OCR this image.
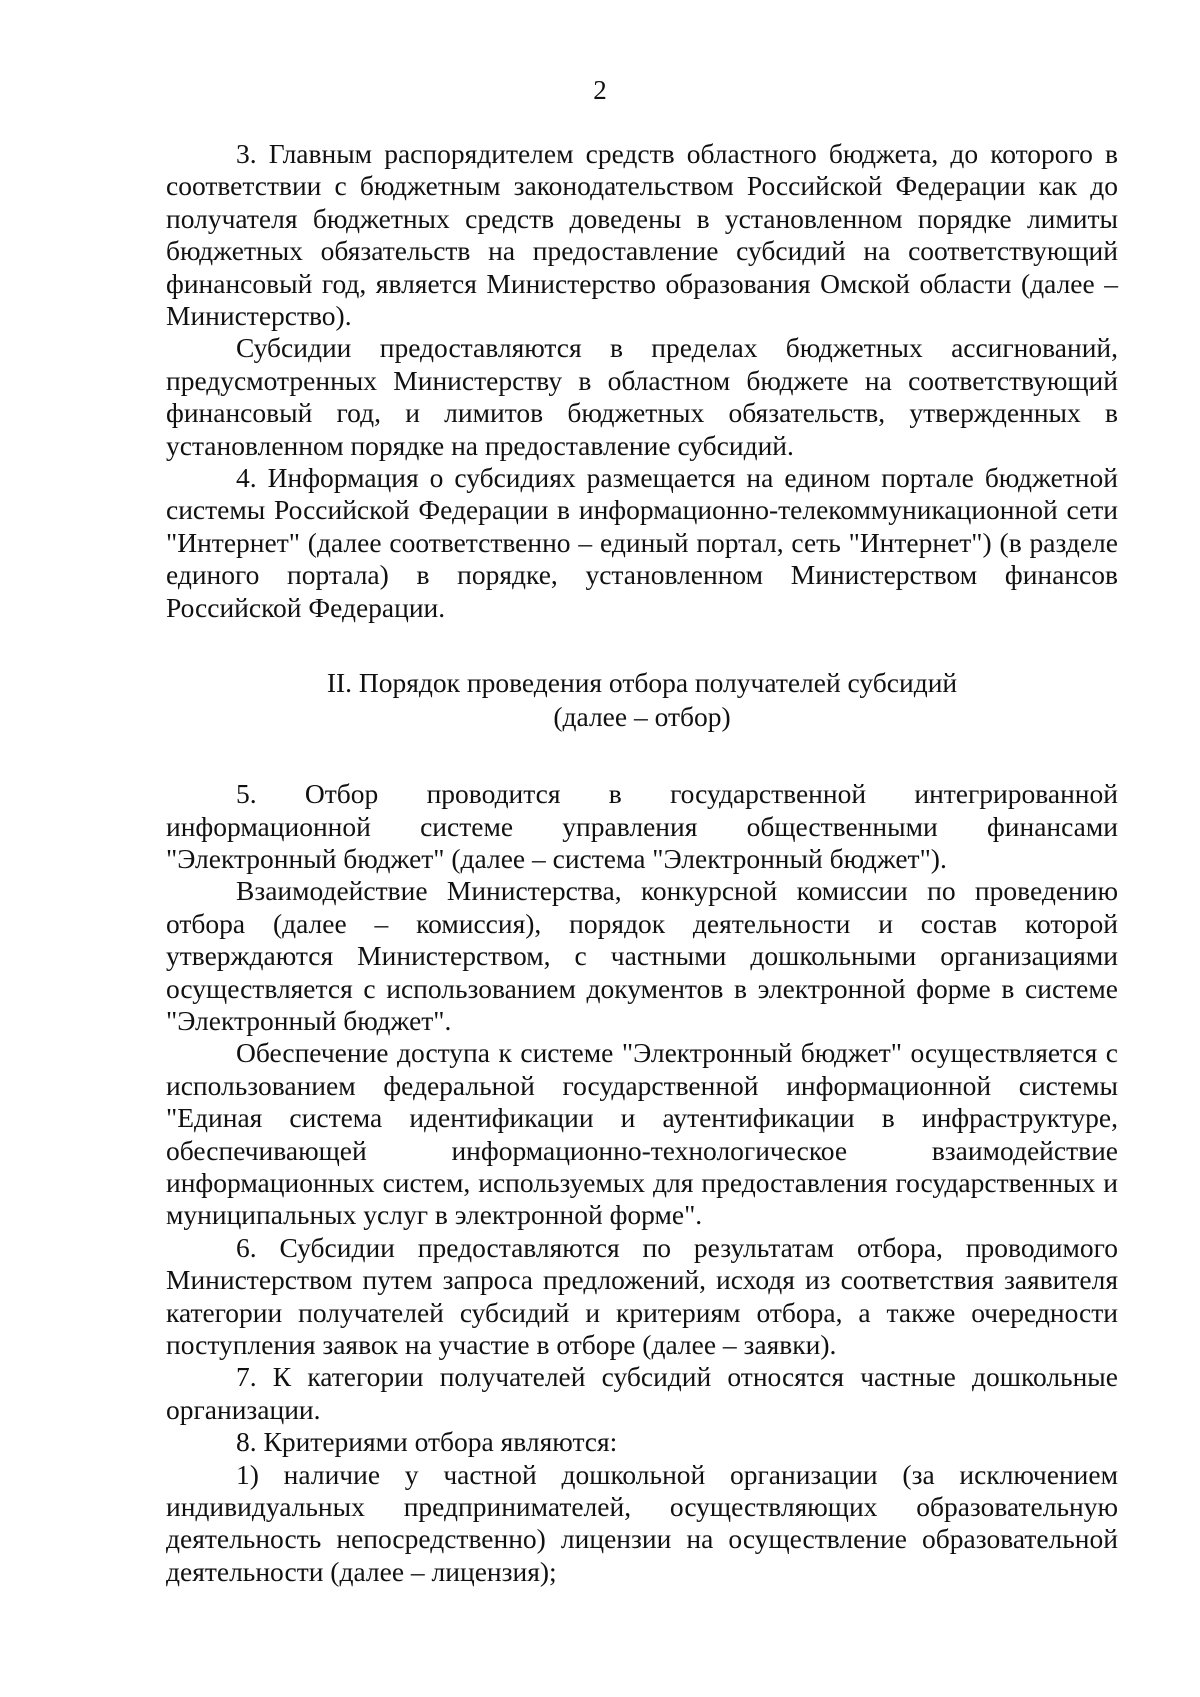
2

3. Главным распорядителем средств областного бюджета, до которого в соответствии с бюджетным законодательством Российской Федерации как до получателя бюджетных средств доведены в установленном порядке лимиты бюджетных обязательств на предоставление субсидий на соответствующий финансовый год, является Министерство образования Омской области (далее – Министерство).

Субсидии предоставляются в пределах бюджетных ассигнований, предусмотренных Министерству в областном бюджете на соответствующий финансовый год, и лимитов бюджетных обязательств, утвержденных в установленном порядке на предоставление субсидий.

4. Информация о субсидиях размещается на едином портале бюджетной системы Российской Федерации в информационно-телекоммуникационной сети "Интернет" (далее соответственно – единый портал, сеть "Интернет") (в разделе единого портала) в порядке, установленном Министерством финансов Российской Федерации.

II. Порядок проведения отбора получателей субсидий
(далее – отбор)

5. Отбор проводится в государственной интегрированной информационной системе управления общественными финансами "Электронный бюджет" (далее – система "Электронный бюджет").

Взаимодействие Министерства, конкурсной комиссии по проведению отбора (далее – комиссия), порядок деятельности и состав которой утверждаются Министерством, с частными дошкольными организациями осуществляется с использованием документов в электронной форме в системе "Электронный бюджет".

Обеспечение доступа к системе "Электронный бюджет" осуществляется с использованием федеральной государственной информационной системы "Единая система идентификации и аутентификации в инфраструктуре, обеспечивающей информационно-технологическое взаимодействие информационных систем, используемых для предоставления государственных и муниципальных услуг в электронной форме".

6. Субсидии предоставляются по результатам отбора, проводимого Министерством путем запроса предложений, исходя из соответствия заявителя категории получателей субсидий и критериям отбора, а также очередности поступления заявок на участие в отборе (далее – заявки).

7. К категории получателей субсидий относятся частные дошкольные организации.

8. Критериями отбора являются:

1) наличие у частной дошкольной организации (за исключением индивидуальных предпринимателей, осуществляющих образовательную деятельность непосредственно) лицензии на осуществление образовательной деятельности (далее – лицензия);
